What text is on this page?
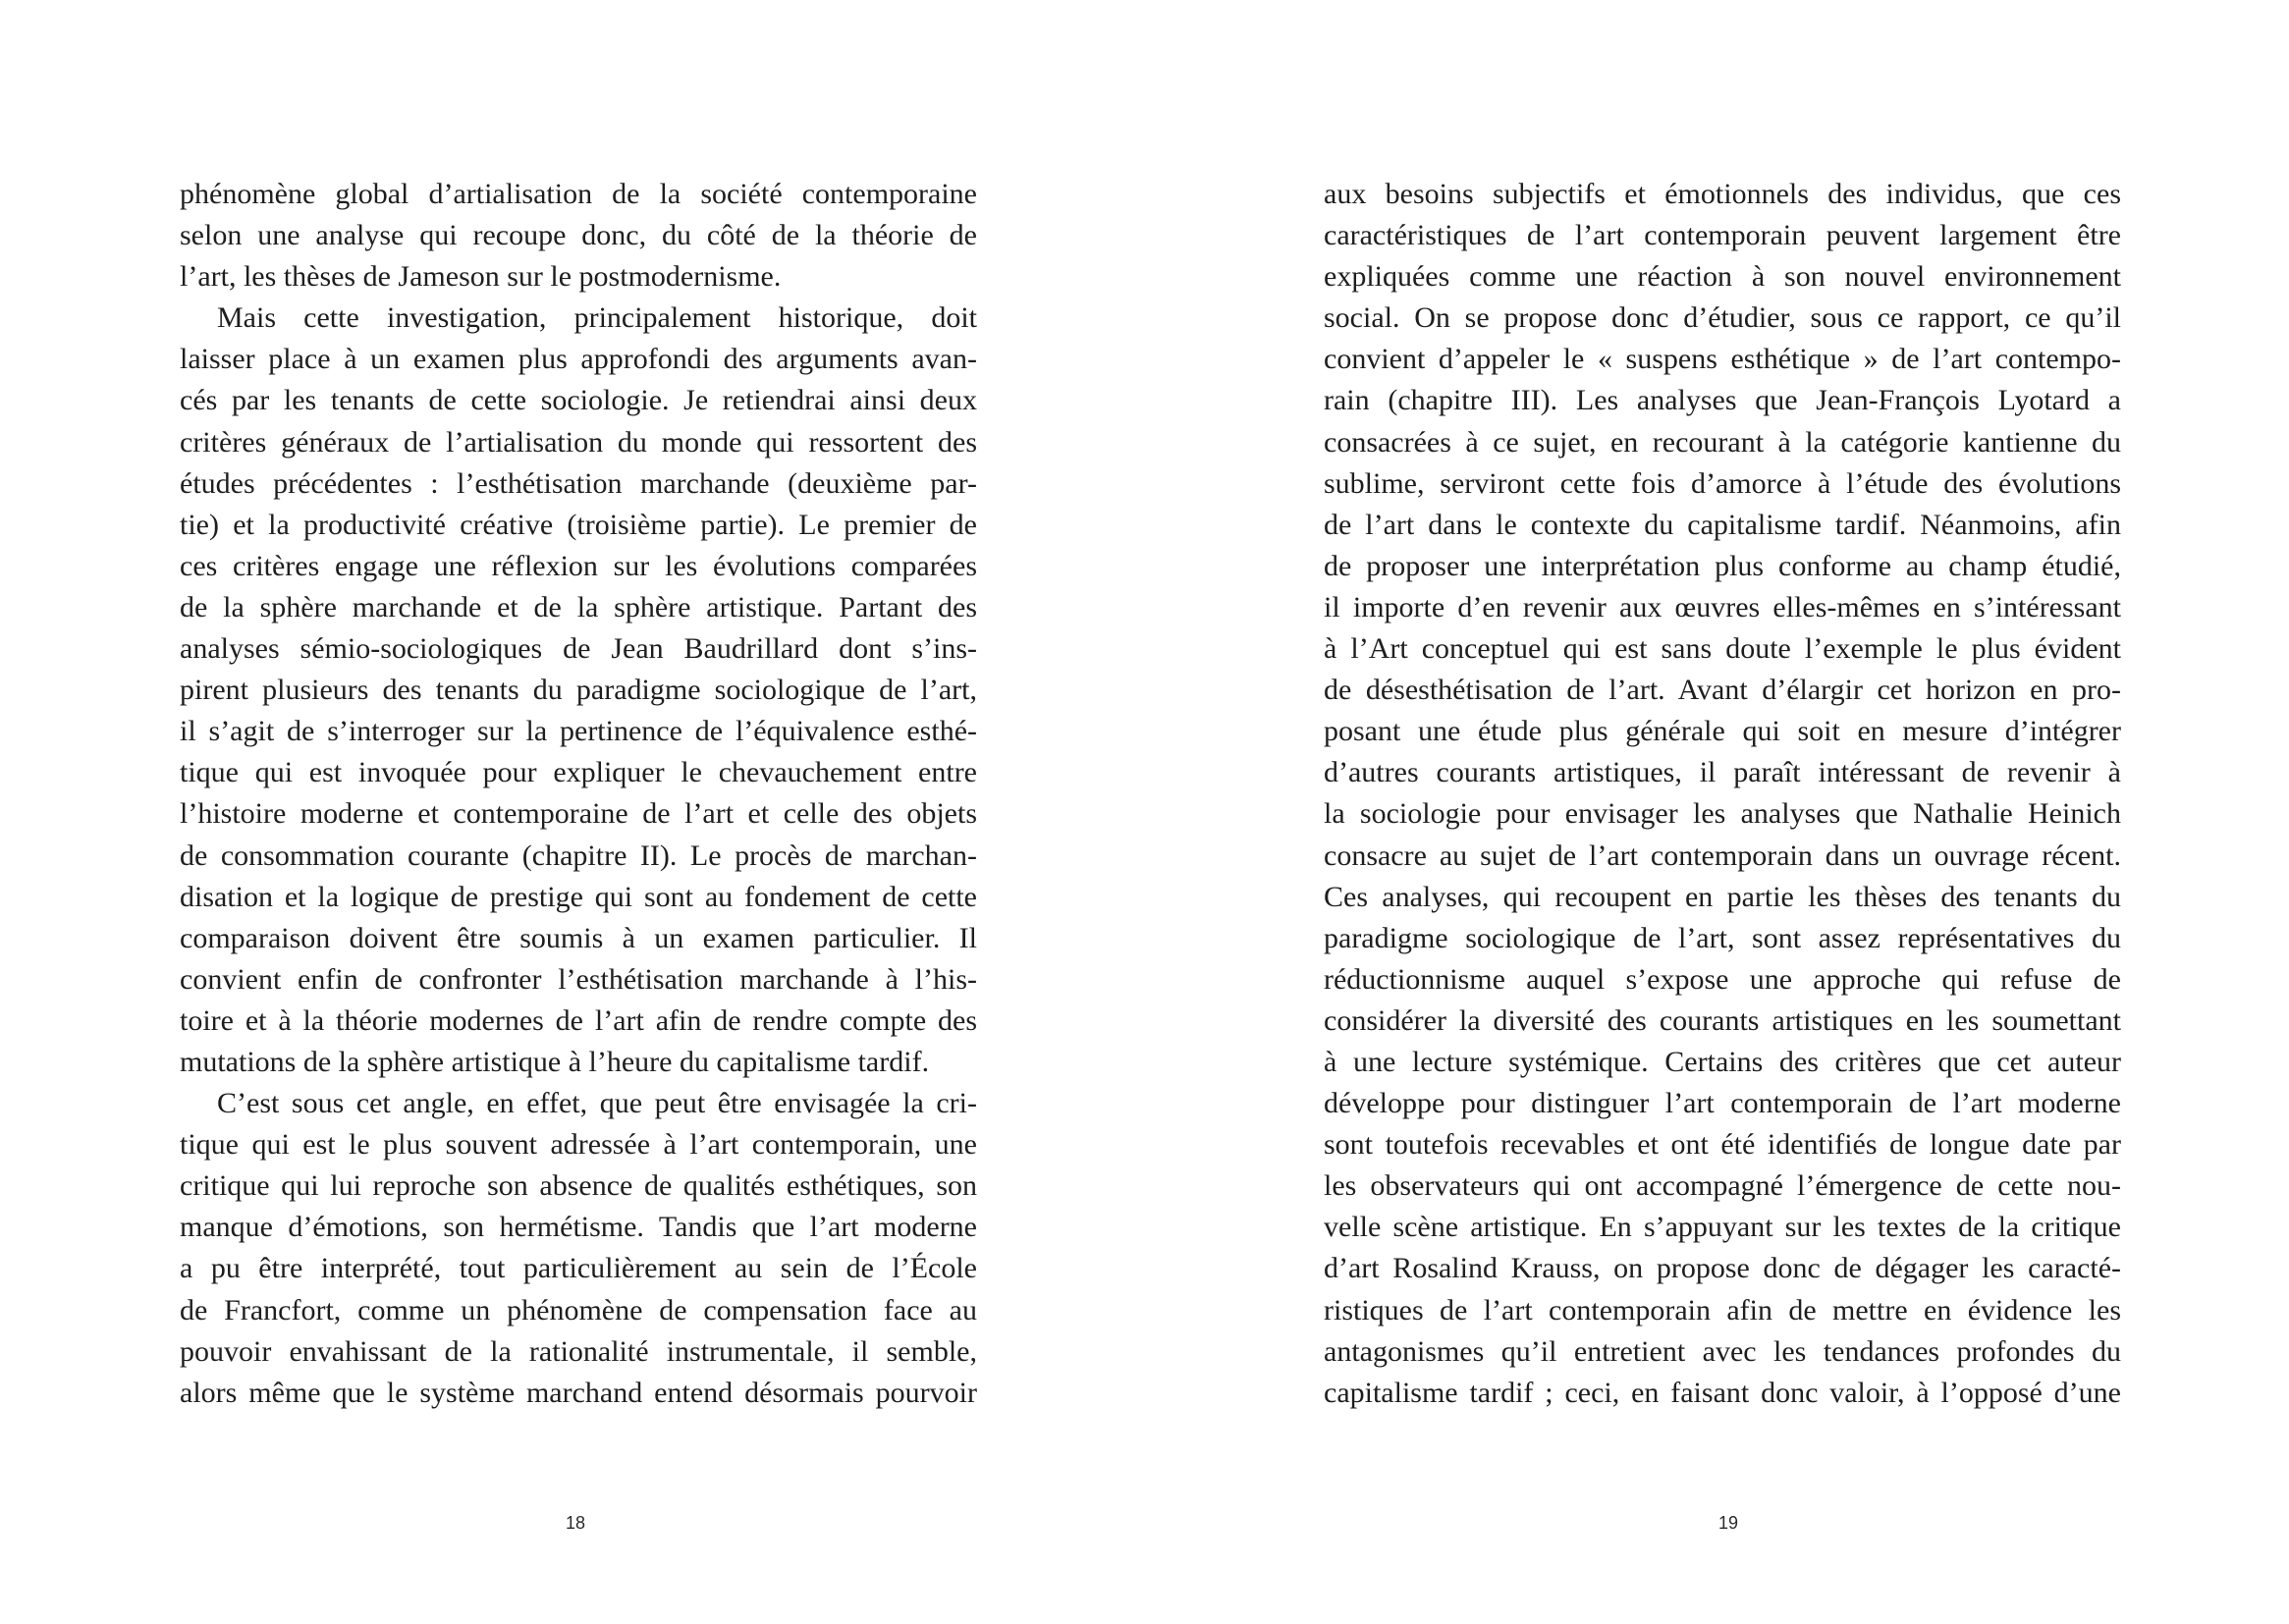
phénomène global d’artialisation de la société contemporaine
selon une analyse qui recoupe donc, du côté de la théorie de
l’art, les thèses de Jameson sur le postmodernisme.
Mais cette investigation, principalement historique, doit
laisser place à un examen plus approfondi des arguments avan-
cés par les tenants de cette sociologie. Je retiendrai ainsi deux
critères généraux de l’artialisation du monde qui ressortent des
études précédentes : l’esthétisation marchande (deuxième par-
tie) et la productivité créative (troisième partie). Le premier de
ces critères engage une réflexion sur les évolutions comparées
de la sphère marchande et de la sphère artistique. Partant des
analyses sémio-sociologiques de Jean Baudrillard dont s’ins-
pirent plusieurs des tenants du paradigme sociologique de l’art,
il s’agit de s’interroger sur la pertinence de l’équivalence esthé-
tique qui est invoquée pour expliquer le chevauchement entre
l’histoire moderne et contemporaine de l’art et celle des objets
de consommation courante (chapitre II). Le procès de marchan-
disation et la logique de prestige qui sont au fondement de cette
comparaison doivent être soumis à un examen particulier. Il
convient enfin de confronter l’esthétisation marchande à l’his-
toire et à la théorie modernes de l’art afin de rendre compte des
mutations de la sphère artistique à l’heure du capitalisme tardif.
C’est sous cet angle, en effet, que peut être envisagée la cri-
tique qui est le plus souvent adressée à l’art contemporain, une
critique qui lui reproche son absence de qualités esthétiques, son
manque d’émotions, son hermétisme. Tandis que l’art moderne
a pu être interprété, tout particulièrement au sein de l’École
de Francfort, comme un phénomène de compensation face au
pouvoir envahissant de la rationalité instrumentale, il semble,
alors même que le système marchand entend désormais pourvoir
18
aux besoins subjectifs et émotionnels des individus, que ces
caractéristiques de l’art contemporain peuvent largement être
expliquées comme une réaction à son nouvel environnement
social. On se propose donc d’étudier, sous ce rapport, ce qu’il
convient d’appeler le « suspens esthétique » de l’art contempo-
rain (chapitre III). Les analyses que Jean-François Lyotard a
consacrées à ce sujet, en recourant à la catégorie kantienne du
sublime, serviront cette fois d’amorce à l’étude des évolutions
de l’art dans le contexte du capitalisme tardif. Néanmoins, afin
de proposer une interprétation plus conforme au champ étudié,
il importe d’en revenir aux œuvres elles-mêmes en s’intéressant
à l’Art conceptuel qui est sans doute l’exemple le plus évident
de désesthétisation de l’art. Avant d’élargir cet horizon en pro-
posant une étude plus générale qui soit en mesure d’intégrer
d’autres courants artistiques, il paraît intéressant de revenir à
la sociologie pour envisager les analyses que Nathalie Heinich
consacre au sujet de l’art contemporain dans un ouvrage récent.
Ces analyses, qui recoupent en partie les thèses des tenants du
paradigme sociologique de l’art, sont assez représentatives du
réductionnisme auquel s’expose une approche qui refuse de
considérer la diversité des courants artistiques en les soumettant
à une lecture systémique. Certains des critères que cet auteur
développe pour distinguer l’art contemporain de l’art moderne
sont toutefois recevables et ont été identifiés de longue date par
les observateurs qui ont accompagné l’émergence de cette nou-
velle scène artistique. En s’appuyant sur les textes de la critique
d’art Rosalind Krauss, on propose donc de dégager les caracté-
ristiques de l’art contemporain afin de mettre en évidence les
antagonismes qu’il entretient avec les tendances profondes du
capitalisme tardif ; ceci, en faisant donc valoir, à l’opposé d’une
19
